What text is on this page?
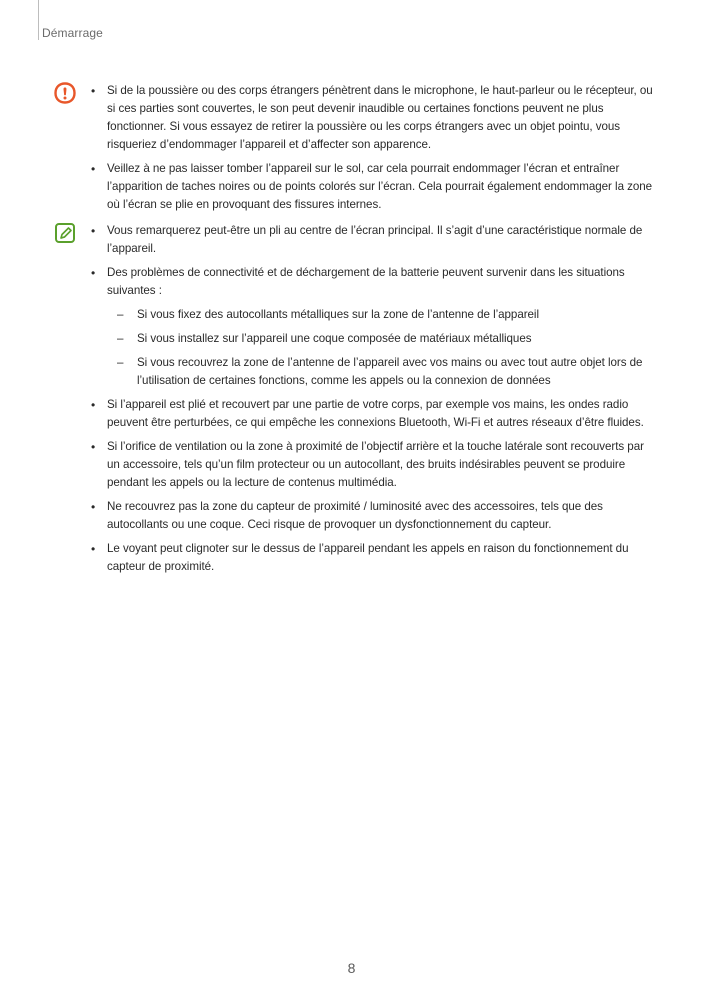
Démarrage
• Si de la poussière ou des corps étrangers pénètrent dans le microphone, le haut-parleur ou le récepteur, ou si ces parties sont couvertes, le son peut devenir inaudible ou certaines fonctions peuvent ne plus fonctionner. Si vous essayez de retirer la poussière ou les corps étrangers avec un objet pointu, vous risqueriez d’endommager l’appareil et d’affecter son apparence.
• Veillez à ne pas laisser tomber l’appareil sur le sol, car cela pourrait endommager l’écran et entraîner l’apparition de taches noires ou de points colorés sur l’écran. Cela pourrait également endommager la zone où l’écran se plie en provoquant des fissures internes.
• Vous remarquerez peut-être un pli au centre de l’écran principal. Il s’agit d’une caractéristique normale de l’appareil.
• Des problèmes de connectivité et de déchargement de la batterie peuvent survenir dans les situations suivantes :
– Si vous fixez des autocollants métalliques sur la zone de l’antenne de l’appareil
– Si vous installez sur l’appareil une coque composée de matériaux métalliques
– Si vous recouvrez la zone de l’antenne de l’appareil avec vos mains ou avec tout autre objet lors de l’utilisation de certaines fonctions, comme les appels ou la connexion de données
• Si l’appareil est plié et recouvert par une partie de votre corps, par exemple vos mains, les ondes radio peuvent être perturbées, ce qui empêche les connexions Bluetooth, Wi-Fi et autres réseaux d’être fluides.
• Si l’orifice de ventilation ou la zone à proximité de l’objectif arrière et la touche latérale sont recouverts par un accessoire, tels qu’un film protecteur ou un autocollant, des bruits indésirables peuvent se produire pendant les appels ou la lecture de contenus multimédia.
• Ne recouvrez pas la zone du capteur de proximité / luminosité avec des accessoires, tels que des autocollants ou une coque. Ceci risque de provoquer un dysfonctionnement du capteur.
• Le voyant peut clignoter sur le dessus de l’appareil pendant les appels en raison du fonctionnement du capteur de proximité.
8
